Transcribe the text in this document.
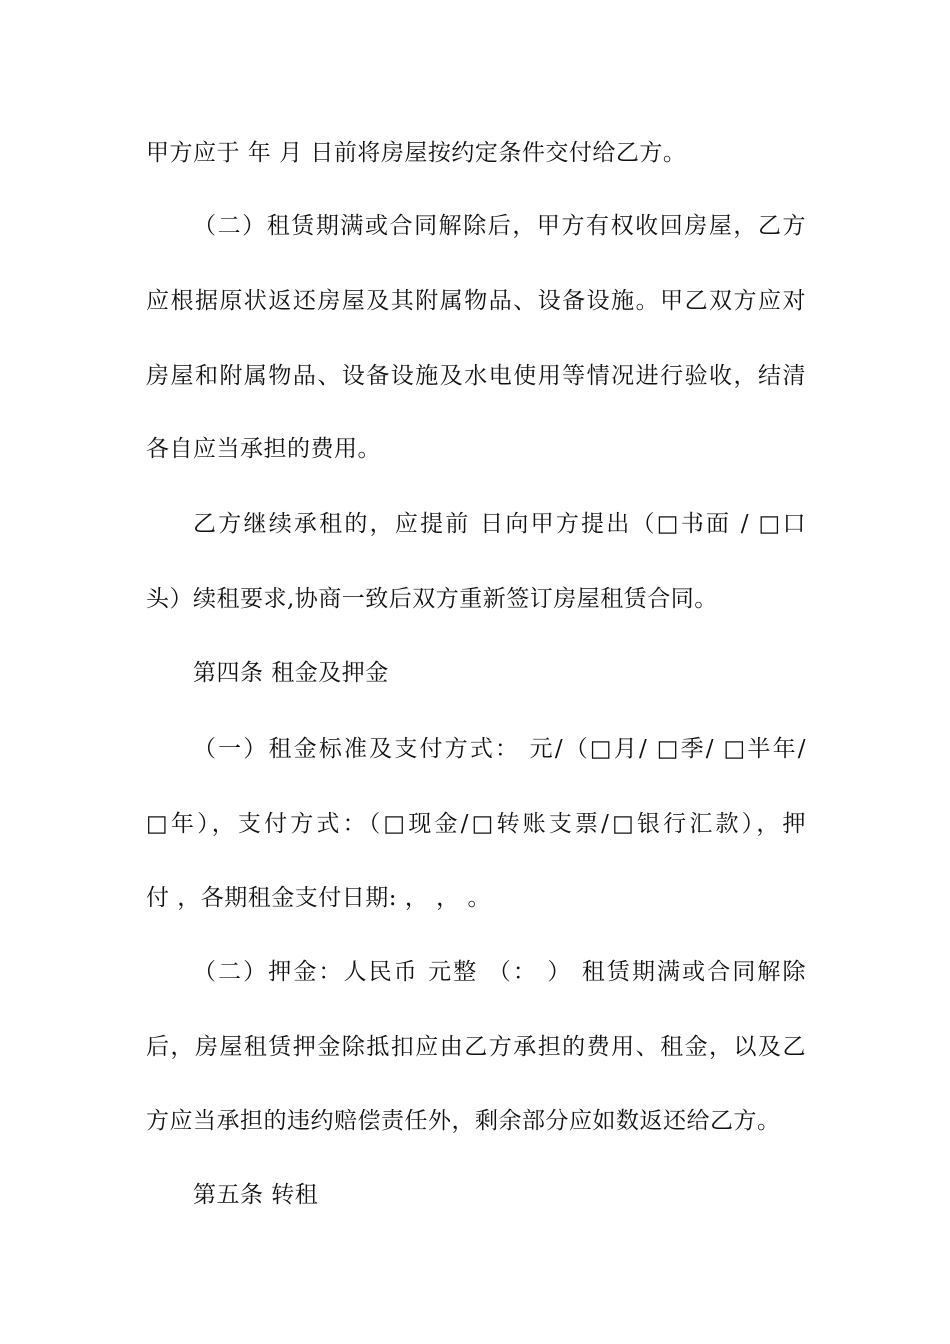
甲方应于 年 月 日前将房屋按约定条件交付给乙方。
（二）租赁期满或合同解除后，甲方有权收回房屋，乙方
应根据原状返还房屋及其附属物品、设备设施。甲乙双方应对
房屋和附属物品、设备设施及水电使用等情况进行验收，结清
各自应当承担的费用。
乙方继续承租的，应提前 日向甲方提出（□书面 / □口
头）续租要求,协商一致后双方重新签订房屋租赁合同。
第四条 租金及押金
（一）租金标准及支付方式： 元/（□月/ □季/ □半年/
□年），支付方式：（□现金/□转账支票/□银行汇款），押
付 ，各期租金支付日期: ， ， 。
（二）押金：人民币 元整 （： ） 租赁期满或合同解除
后，房屋租赁押金除抵扣应由乙方承担的费用、租金，以及乙
方应当承担的违约赔偿责任外，剩余部分应如数返还给乙方。
第五条 转租
